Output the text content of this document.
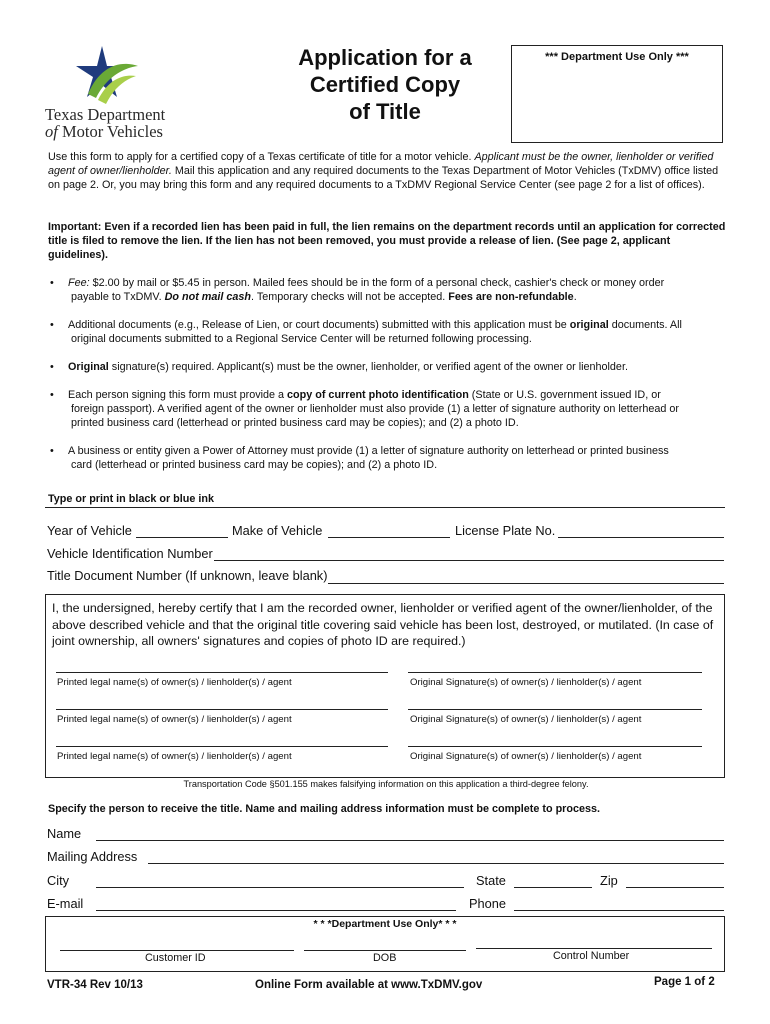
Texas Department
of Motor Vehicles
Application for a
Certified Copy
of Title
*** Department Use Only ***
Use this form to apply for a certified copy of a Texas certificate of title for a motor vehicle. Applicant must be the owner, lienholder or verified agent of owner/lienholder. Mail this application and any required documents to the Texas Department of Motor Vehicles (TxDMV) office listed on page 2. Or, you may bring this form and any required documents to a TxDMV Regional Service Center (see page 2 for a list of offices).
Important: Even if a recorded lien has been paid in full, the lien remains on the department records until an application for corrected title is filed to remove the lien. If the lien has not been removed, you must provide a release of lien. (See page 2, applicant guidelines).
• Fee: $2.00 by mail or $5.45 in person. Mailed fees should be in the form of a personal check, cashier's check or money order
payable to TxDMV. Do not mail cash. Temporary checks will not be accepted. Fees are non-refundable.
• Additional documents (e.g., Release of Lien, or court documents) submitted with this application must be original documents. All
original documents submitted to a Regional Service Center will be returned following processing.
• Original signature(s) required. Applicant(s) must be the owner, lienholder, or verified agent of the owner or lienholder.
• Each person signing this form must provide a copy of current photo identification (State or U.S. government issued ID, or
foreign passport). A verified agent of the owner or lienholder must also provide (1) a letter of signature authority on letterhead or
printed business card (letterhead or printed business card may be copies); and (2) a photo ID.
• A business or entity given a Power of Attorney must provide (1) a letter of signature authority on letterhead or printed business
card (letterhead or printed business card may be copies); and (2) a photo ID.
Type or print in black or blue ink
Year of Vehicle	Make of Vehicle	License Plate No.
Vehicle Identification Number
Title Document Number (If unknown, leave blank)
I, the undersigned, hereby certify that I am the recorded owner, lienholder or verified agent of the owner/lienholder, of the above described vehicle and that the original title covering said vehicle has been lost, destroyed, or mutilated. (In case of joint ownership, all owners' signatures and copies of photo ID are required.)
Printed legal name(s) of owner(s) / lienholder(s) / agent	Original Signature(s) of owner(s) / lienholder(s) / agent
Printed legal name(s) of owner(s) / lienholder(s) / agent	Original Signature(s) of owner(s) / lienholder(s) / agent
Printed legal name(s) of owner(s) / lienholder(s) / agent	Original Signature(s) of owner(s) / lienholder(s) / agent
Transportation Code §501.155 makes falsifying information on this application a third-degree felony.
Specify the person to receive the title. Name and mailing address information must be complete to process.
Name
Mailing Address
City	State	Zip
E-mail	Phone
* * *Department Use Only* * *
Customer ID	DOB	Control Number
VTR-34 Rev 10/13	Online Form available at www.TxDMV.gov	Page 1 of 2
